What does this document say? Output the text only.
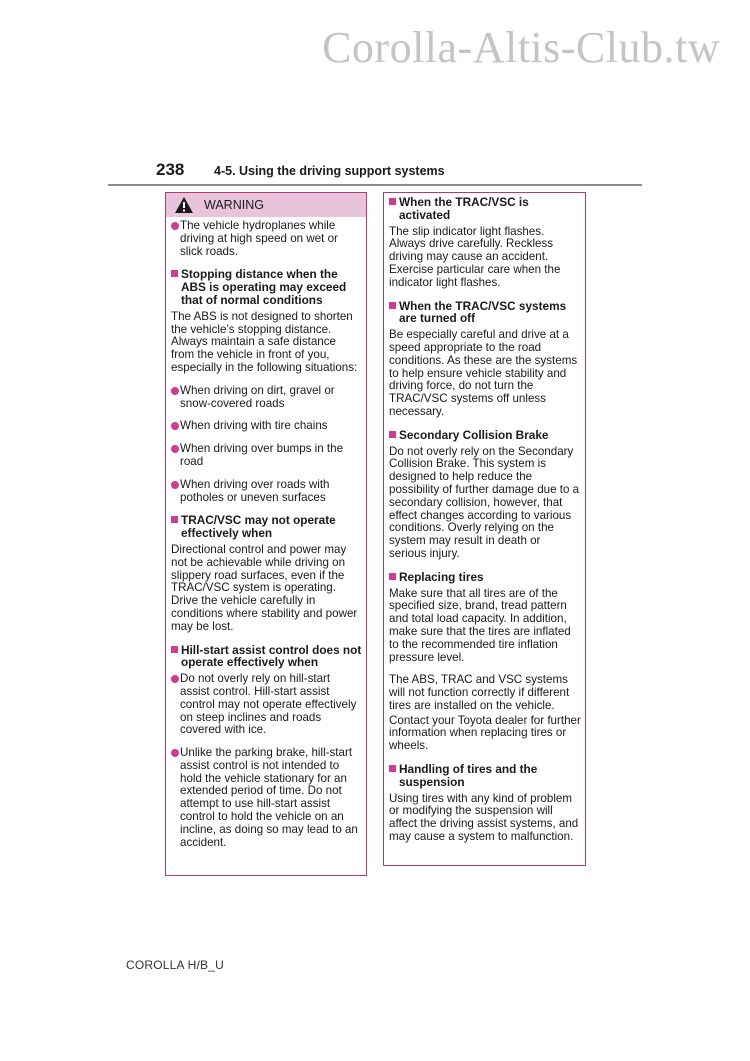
Corolla-Altis-Club.tw
238 4-5. Using the driving support systems
WARNING
The vehicle hydroplanes while driving at high speed on wet or slick roads.
Stopping distance when the ABS is operating may exceed that of normal conditions
The ABS is not designed to shorten the vehicle’s stopping distance. Always maintain a safe distance from the vehicle in front of you, especially in the following situations:
When driving on dirt, gravel or snow-covered roads
When driving with tire chains
When driving over bumps in the road
When driving over roads with potholes or uneven surfaces
TRAC/VSC may not operate effectively when
Directional control and power may not be achievable while driving on slippery road surfaces, even if the TRAC/VSC system is operating. Drive the vehicle carefully in conditions where stability and power may be lost.
Hill-start assist control does not operate effectively when
Do not overly rely on hill-start assist control. Hill-start assist control may not operate effectively on steep inclines and roads covered with ice.
Unlike the parking brake, hill-start assist control is not intended to hold the vehicle stationary for an extended period of time. Do not attempt to use hill-start assist control to hold the vehicle on an incline, as doing so may lead to an accident.
When the TRAC/VSC is activated
The slip indicator light flashes. Always drive carefully. Reckless driving may cause an accident. Exercise particular care when the indicator light flashes.
When the TRAC/VSC systems are turned off
Be especially careful and drive at a speed appropriate to the road conditions. As these are the systems to help ensure vehicle stability and driving force, do not turn the TRAC/VSC systems off unless necessary.
Secondary Collision Brake
Do not overly rely on the Secondary Collision Brake. This system is designed to help reduce the possibility of further damage due to a secondary collision, however, that effect changes according to various conditions. Overly relying on the system may result in death or serious injury.
Replacing tires
Make sure that all tires are of the specified size, brand, tread pattern and total load capacity. In addition, make sure that the tires are inflated to the recommended tire inflation pressure level.
The ABS, TRAC and VSC systems will not function correctly if different tires are installed on the vehicle.
Contact your Toyota dealer for further information when replacing tires or wheels.
Handling of tires and the suspension
Using tires with any kind of problem or modifying the suspension will affect the driving assist systems, and may cause a system to malfunction.
COROLLA H/B_U
